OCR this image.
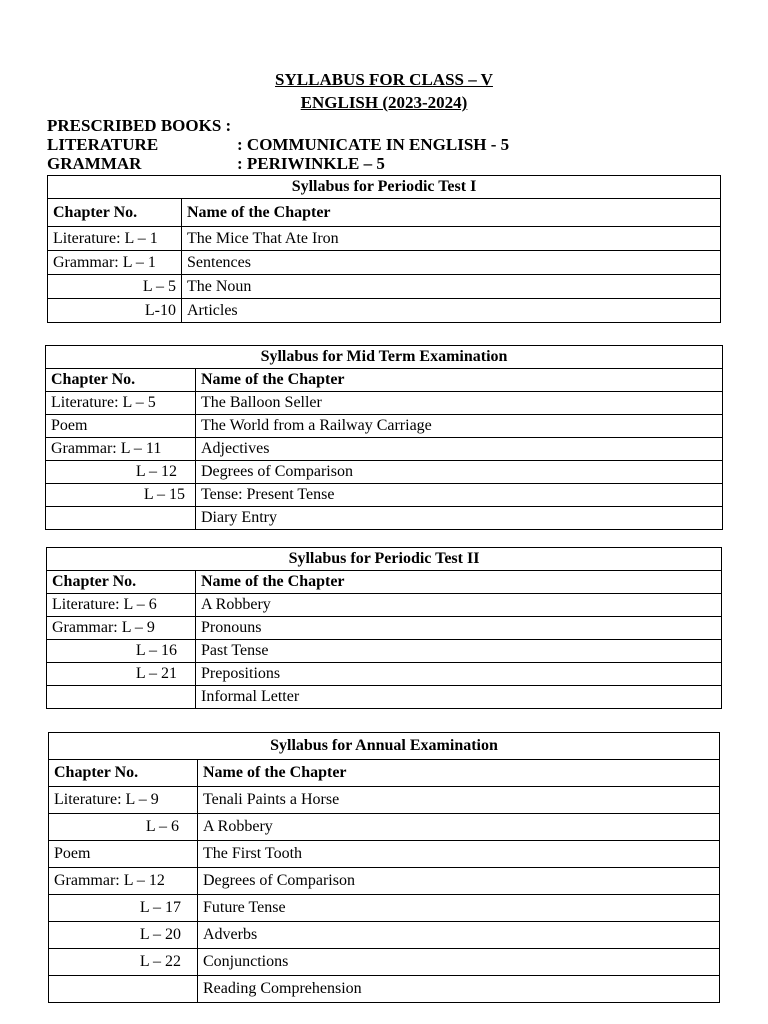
SYLLABUS FOR CLASS – V
ENGLISH (2023-2024)
PRESCRIBED BOOKS :
LITERATURE	: COMMUNICATE IN ENGLISH - 5
GRAMMAR	: PERIWINKLE – 5
Syllabus for Periodic Test I	
Chapter No.	Name of the Chapter
Literature: L – 1	The Mice That Ate Iron
Grammar: L – 1	Sentences
L – 5	The Noun
L-10	Articles
Syllabus for Mid Term Examination	
Chapter No.	Name of the Chapter
Literature: L – 5	The Balloon Seller
Poem	The World from a Railway Carriage
Grammar: L – 11	Adjectives
L – 12	Degrees of Comparison
L – 15	Tense: Present Tense
	Diary Entry
Syllabus for Periodic Test II	
Chapter No.	Name of the Chapter
Literature: L – 6	A Robbery
Grammar: L – 9	Pronouns
L – 16	Past Tense
L – 21	Prepositions
	Informal Letter
Syllabus for Annual Examination	
Chapter No.	Name of the Chapter
Literature: L – 9	Tenali Paints a Horse
L – 6	A Robbery
Poem	The First Tooth
Grammar: L – 12	Degrees of Comparison
L – 17	Future Tense
L – 20	Adverbs
L – 22	Conjunctions
	Reading Comprehension
